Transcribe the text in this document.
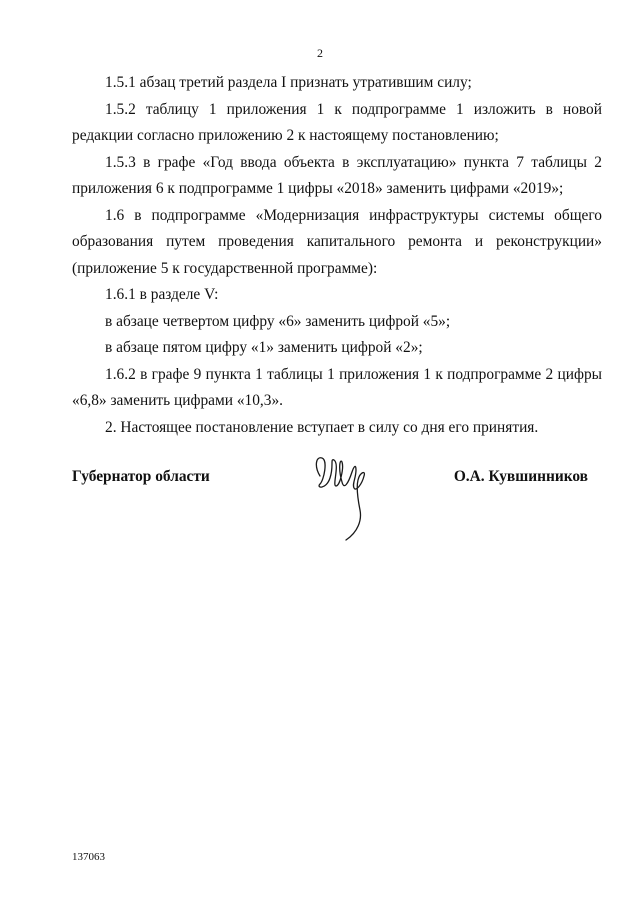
2

1.5.1 абзац третий раздела I признать утратившим силу;

1.5.2 таблицу 1 приложения 1 к подпрограмме 1 изложить в новой редакции согласно приложению 2 к настоящему постановлению;

1.5.3 в графе «Год ввода объекта в эксплуатацию» пункта 7 таблицы 2 приложения 6 к подпрограмме 1 цифры «2018» заменить цифрами «2019»;

1.6 в подпрограмме «Модернизация инфраструктуры системы общего образования путем проведения капитального ремонта и реконструкции» (приложение 5 к государственной программе):

1.6.1 в разделе V:

в абзаце четвертом цифру «6» заменить цифрой «5»;

в абзаце пятом цифру «1» заменить цифрой «2»;

1.6.2 в графе 9 пункта 1 таблицы 1 приложения 1 к подпрограмме 2 цифры «6,8» заменить цифрами «10,3».

2. Настоящее постановление вступает в силу со дня его принятия.

Губернатор области	О.А. Кувшинников
137063
